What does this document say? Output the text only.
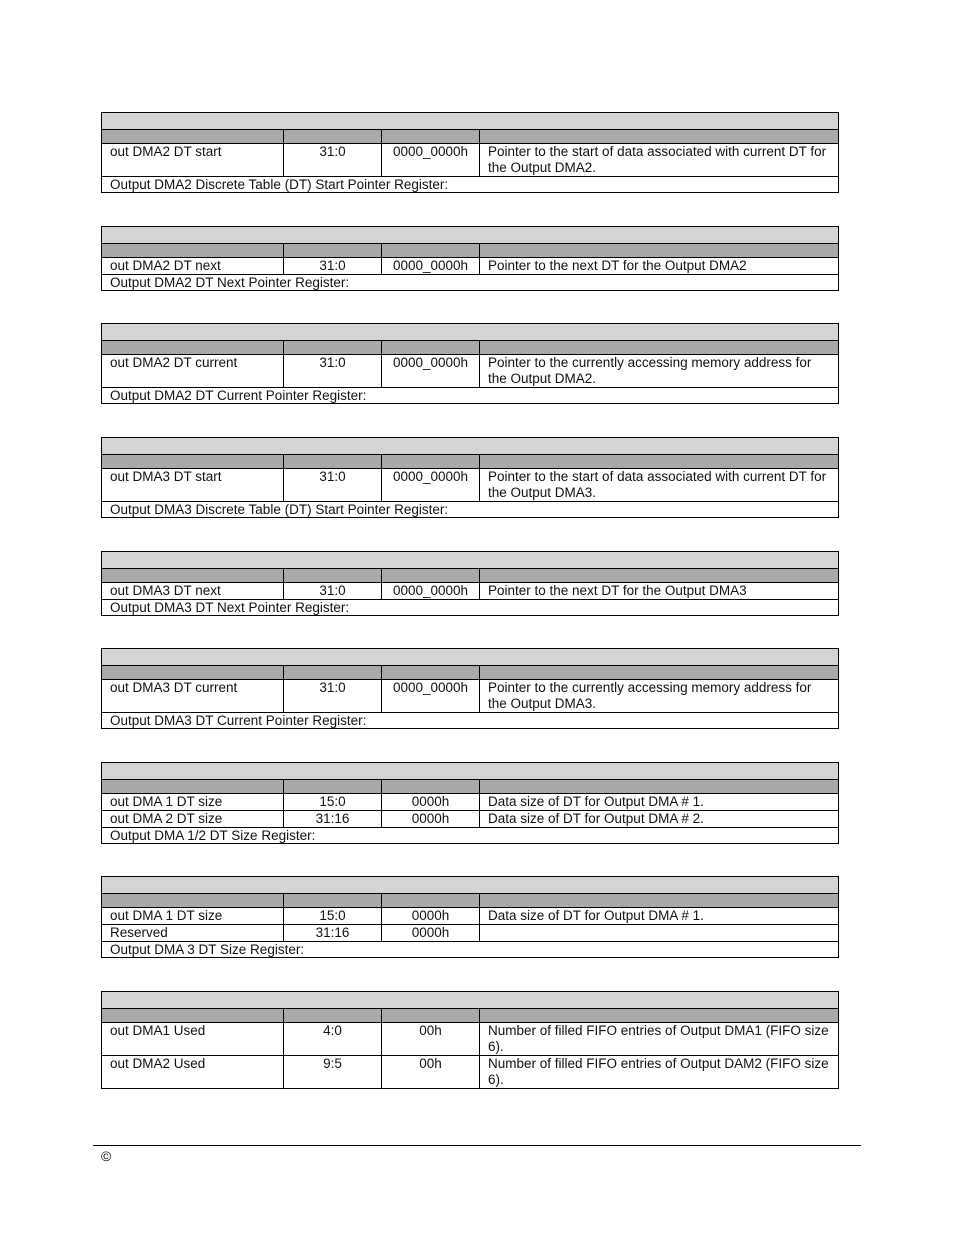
out DMA2 DT start	31:0	0000_0000h	Pointer to the start of data associated with current DT for the Output DMA2.
Output DMA2 Discrete Table (DT) Start Pointer Register:			

out DMA2 DT next	31:0	0000_0000h	Pointer to the next DT for the Output DMA2
Output DMA2 DT Next Pointer Register:			

out DMA2 DT current	31:0	0000_0000h	Pointer to the currently accessing memory address for the Output DMA2.
Output DMA2 DT Current Pointer Register:			

out DMA3 DT start	31:0	0000_0000h	Pointer to the start of data associated with current DT for the Output DMA3.
Output DMA3 Discrete Table (DT) Start Pointer Register:			

out DMA3 DT next	31:0	0000_0000h	Pointer to the next DT for the Output DMA3
Output DMA3 DT Next Pointer Register:			

out DMA3 DT current	31:0	0000_0000h	Pointer to the currently accessing memory address for the Output DMA3.
Output DMA3 DT Current Pointer Register:			

out DMA 1 DT size	15:0	0000h	Data size of DT for Output DMA # 1.
out DMA 2 DT size	31:16	0000h	Data size of DT for Output DMA # 2.
Output DMA 1/2 DT Size Register:			

out DMA 1 DT size	15:0	0000h	Data size of DT for Output DMA # 1.
Reserved	31:16	0000h	
Output DMA 3 DT Size Register:			

out DMA1 Used	4:0	00h	Number of filled FIFO entries of Output DMA1 (FIFO size 6).
out DMA2 Used	9:5	00h	Number of filled FIFO entries of Output DAM2 (FIFO size 6).
©
